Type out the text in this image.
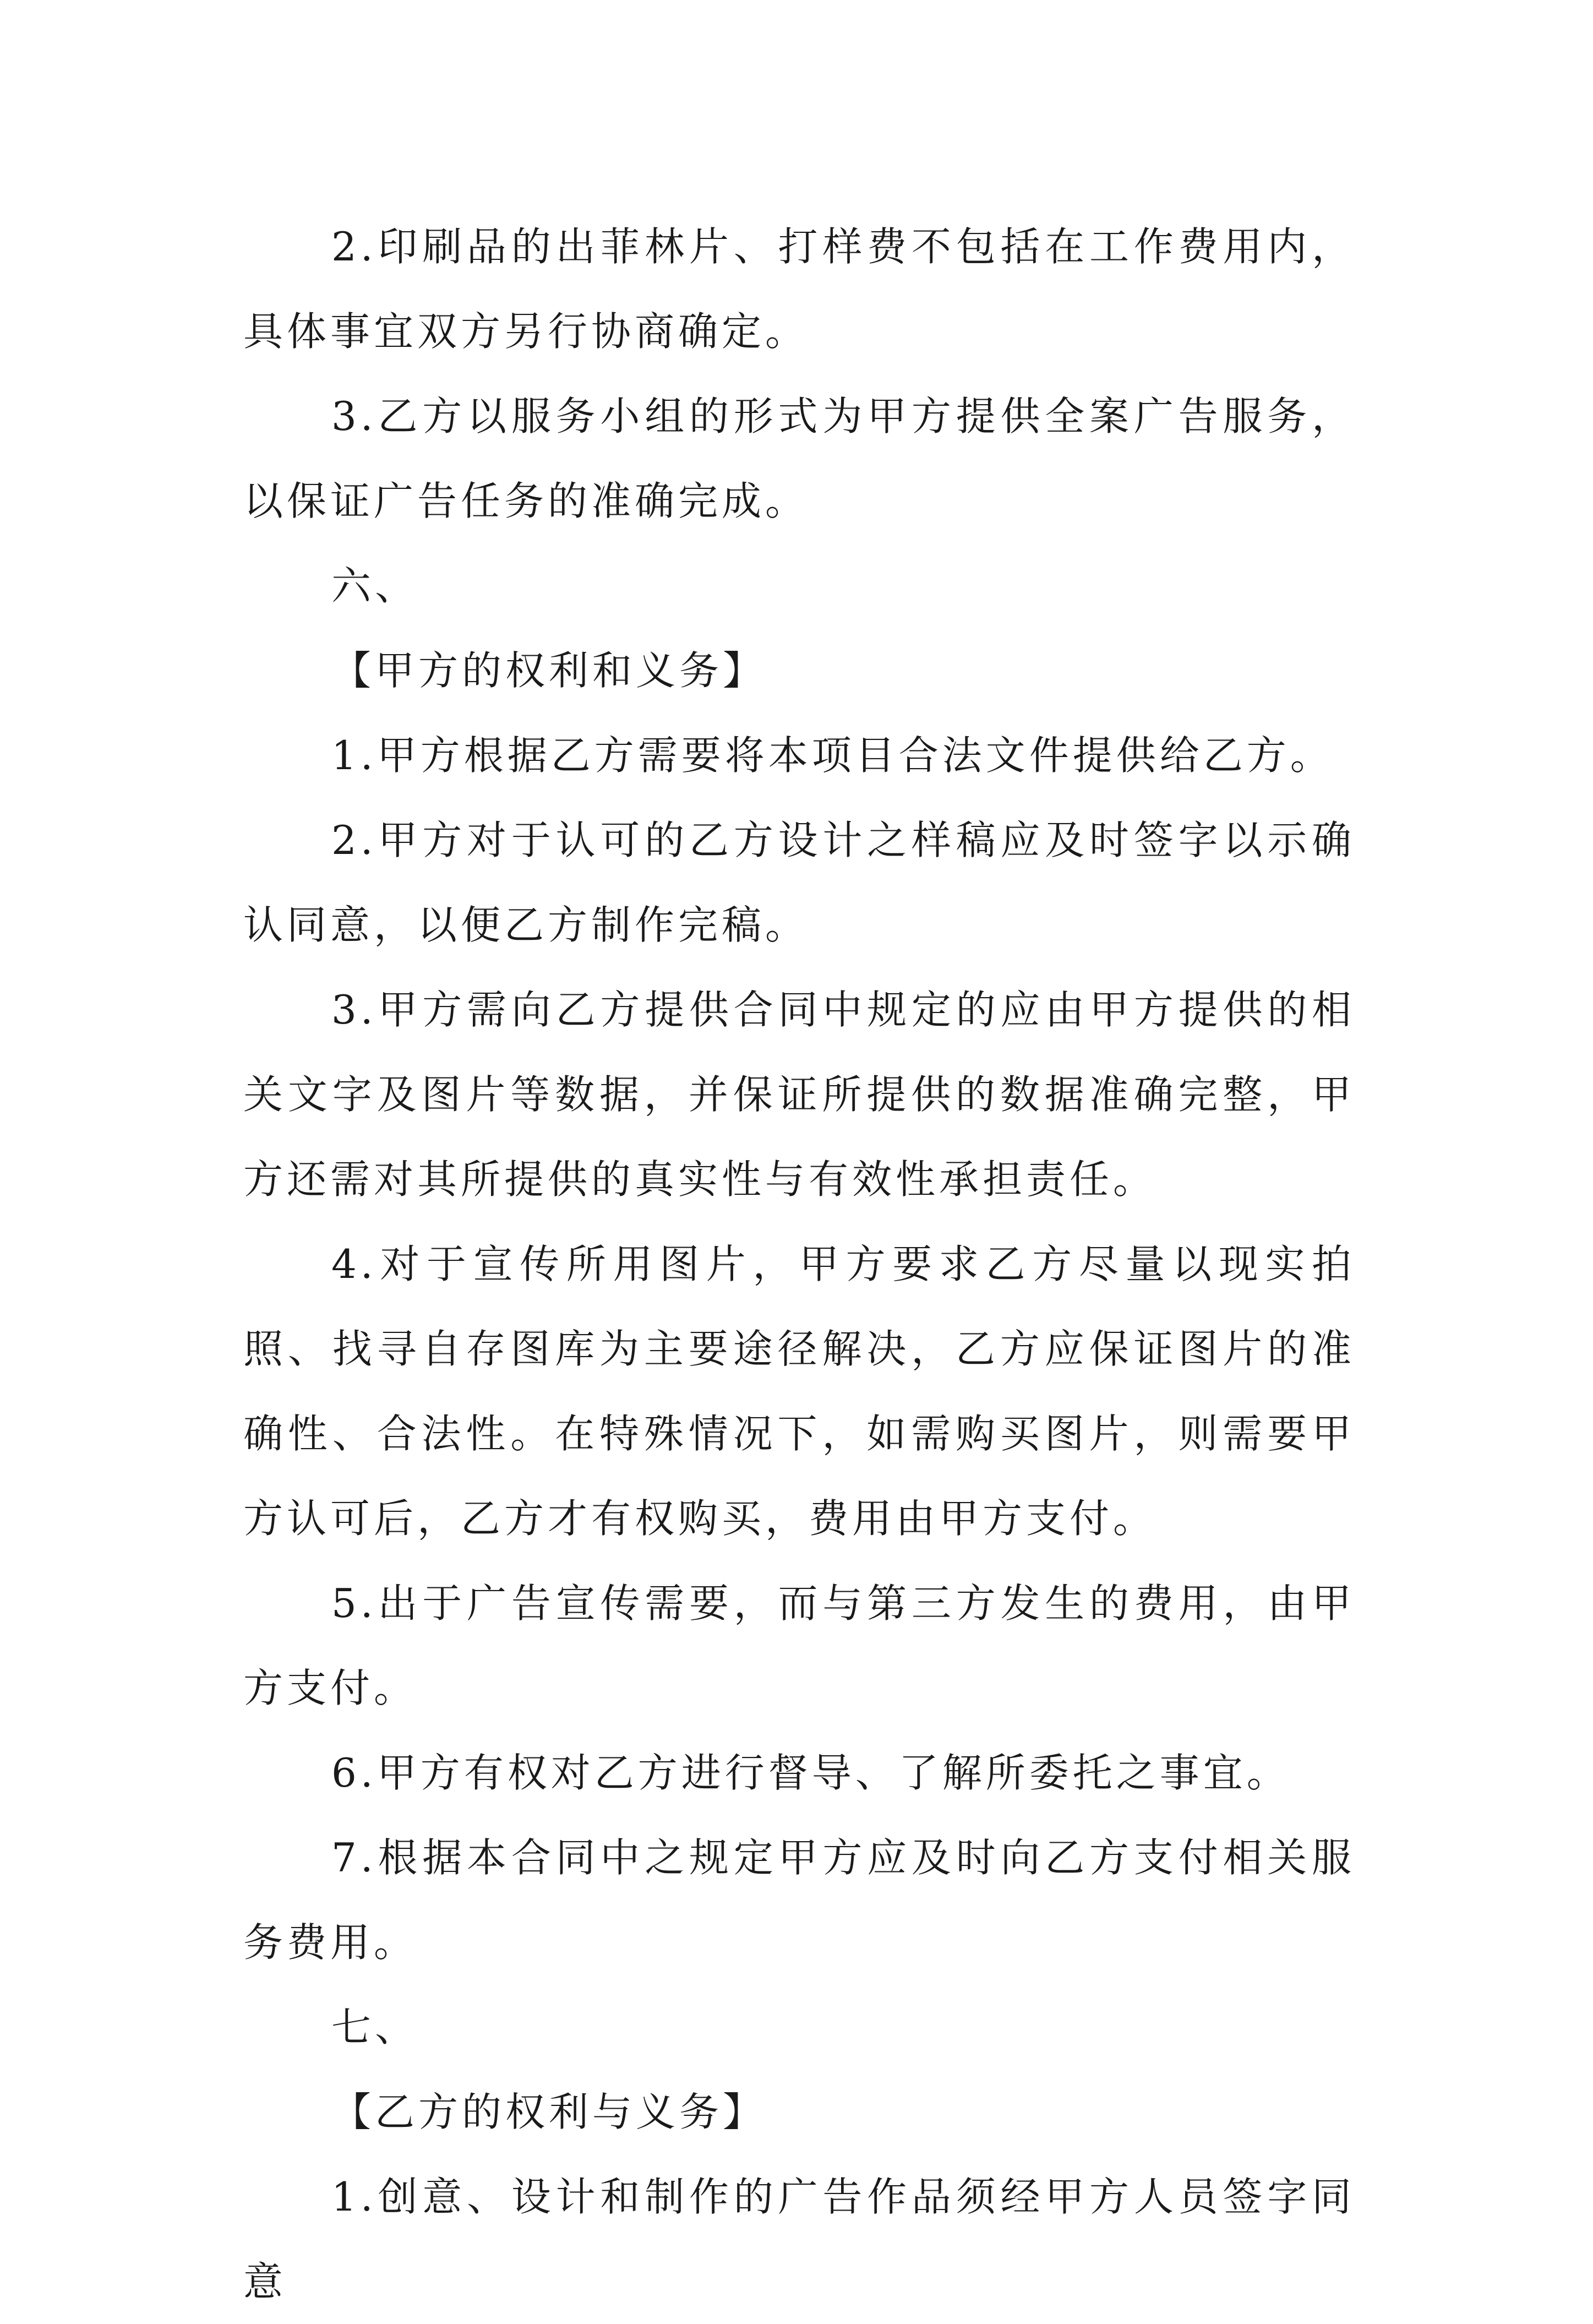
2.印刷品的出菲林片、打样费不包括在工作费用内，具体事宜双方另行协商确定。

3.乙方以服务小组的形式为甲方提供全案广告服务，以保证广告任务的准确完成。

六、

【甲方的权利和义务】

1.甲方根据乙方需要将本项目合法文件提供给乙方。

2.甲方对于认可的乙方设计之样稿应及时签字以示确认同意，以便乙方制作完稿。

3.甲方需向乙方提供合同中规定的应由甲方提供的相关文字及图片等数据，并保证所提供的数据准确完整，甲方还需对其所提供的真实性与有效性承担责任。

4.对于宣传所用图片，甲方要求乙方尽量以现实拍照、找寻自存图库为主要途径解决，乙方应保证图片的准确性、合法性。在特殊情况下，如需购买图片，则需要甲方认可后，乙方才有权购买，费用由甲方支付。

5.出于广告宣传需要，而与第三方发生的费用，由甲方支付。

6.甲方有权对乙方进行督导、了解所委托之事宜。

7.根据本合同中之规定甲方应及时向乙方支付相关服务费用。

七、

【乙方的权利与义务】

1.创意、设计和制作的广告作品须经甲方人员签字同意
